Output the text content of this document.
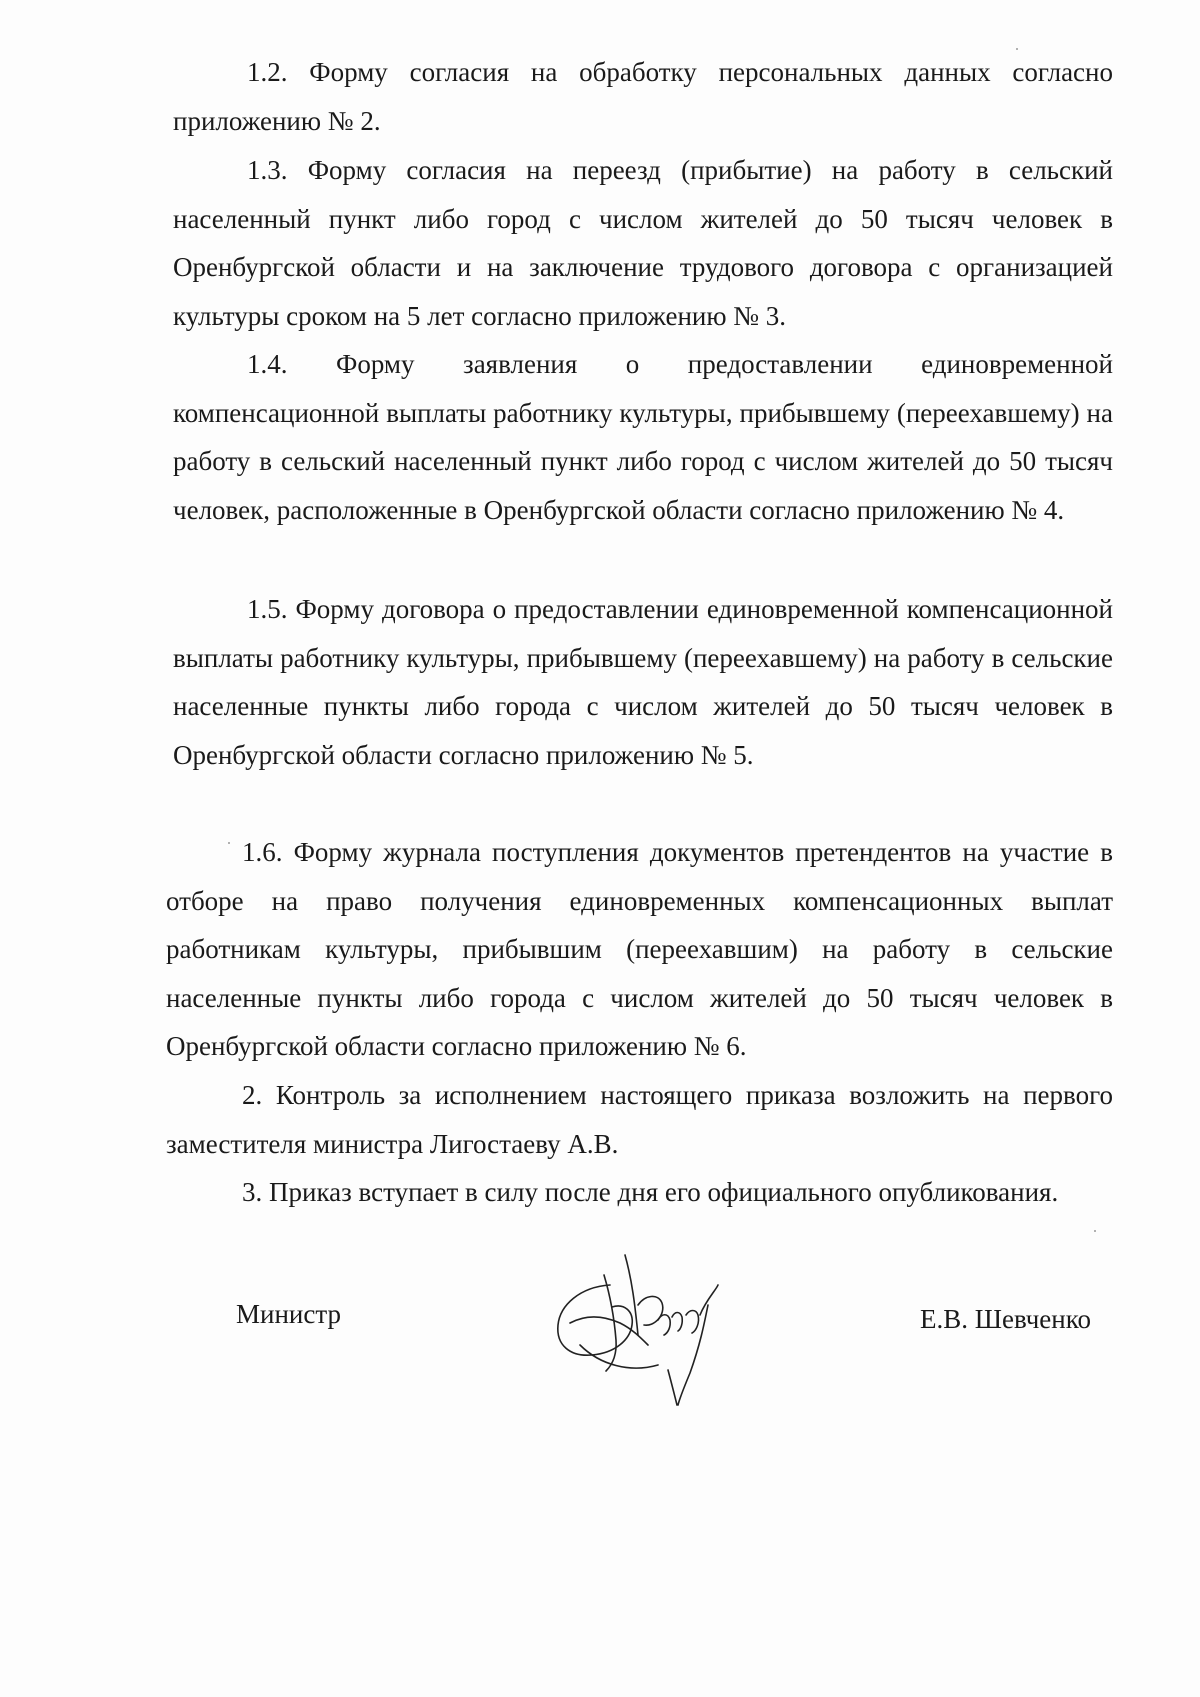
1.2. Форму согласия на обработку персональных данных согласно приложению № 2.

1.3. Форму согласия на переезд (прибытие) на работу в сельский населенный пункт либо город с числом жителей до 50 тысяч человек в Оренбургской области и на заключение трудового договора с организацией культуры сроком на 5 лет согласно приложению № 3.

1.4. Форму заявления о предоставлении единовременной компенсационной выплаты работнику культуры, прибывшему (переехавшему) на работу в сельский населенный пункт либо город с числом жителей до 50 тысяч человек, расположенные в Оренбургской области согласно приложению № 4.

1.5. Форму договора о предоставлении единовременной компенсационной выплаты работнику культуры, прибывшему (переехавшему) на работу в сельские населенные пункты либо города с числом жителей до 50 тысяч человек в Оренбургской области согласно приложению № 5.

1.6. Форму журнала поступления документов претендентов на участие в отборе на право получения единовременных компенсационных выплат работникам культуры, прибывшим (переехавшим) на работу в сельские населенные пункты либо города с числом жителей до 50 тысяч человек в Оренбургской области согласно приложению № 6.

2. Контроль за исполнением настоящего приказа возложить на первого заместителя министра Лигостаеву А.В.

3. Приказ вступает в силу после дня его официального опубликования.

Министр	Е.В. Шевченко
